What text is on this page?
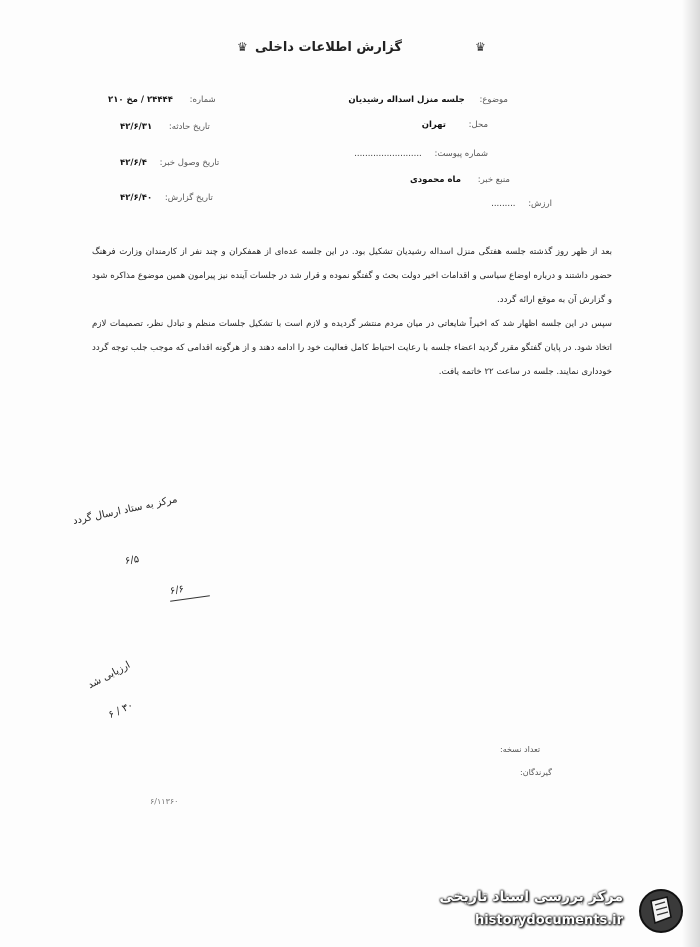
♛	♛
گزارش اطلاعات داخلی
موضوع: جلسه منزل اسداله رشیدیان
محل: تهران
شماره پیوست: .........................
منبع خبر: ماه محمودی
ارزش: .........
شماره: ۲۴۴۴۴ / مخ ۲۱۰
تاریخ حادثه: ۴۲/۶/۳۱
تاریخ وصول خبر: ۴۲/۶/۴
تاریخ گزارش: ۴۲/۶/۴۰

بعد از ظهر روز گذشته جلسه هفتگی منزل اسداله رشیدیان تشکیل بود. در این جلسه عده‌ای از همفکران و چند نفر از کارمندان وزارت فرهنگ حضور داشتند و درباره اوضاع سیاسی و اقدامات اخیر دولت بحث و گفتگو نموده و قرار شد در جلسات آینده نیز پیرامون همین موضوع مذاکره شود و گزارش آن به موقع ارائه گردد.

سپس در این جلسه اظهار شد که اخیراً شایعاتی در میان مردم منتشر گردیده و لازم است با تشکیل جلسات منظم و تبادل نظر، تصمیمات لازم اتخاذ شود. در پایان گفتگو مقرر گردید اعضاء جلسه با رعایت احتیاط کامل فعالیت خود را ادامه دهند و از هرگونه اقدامی که موجب جلب توجه گردد خودداری نمایند. جلسه در ساعت ۲۲ خاتمه یافت.

مرکز به ستاد ارسال گردد
۶/۵
۶/۶
ارزیابی شد
۶ / ۳۰
تعداد نسخه:
گیرندگان:
۶/۱۱۳۶۰
مرکز بررسی اسناد تاریخی
historydocuments.ir
